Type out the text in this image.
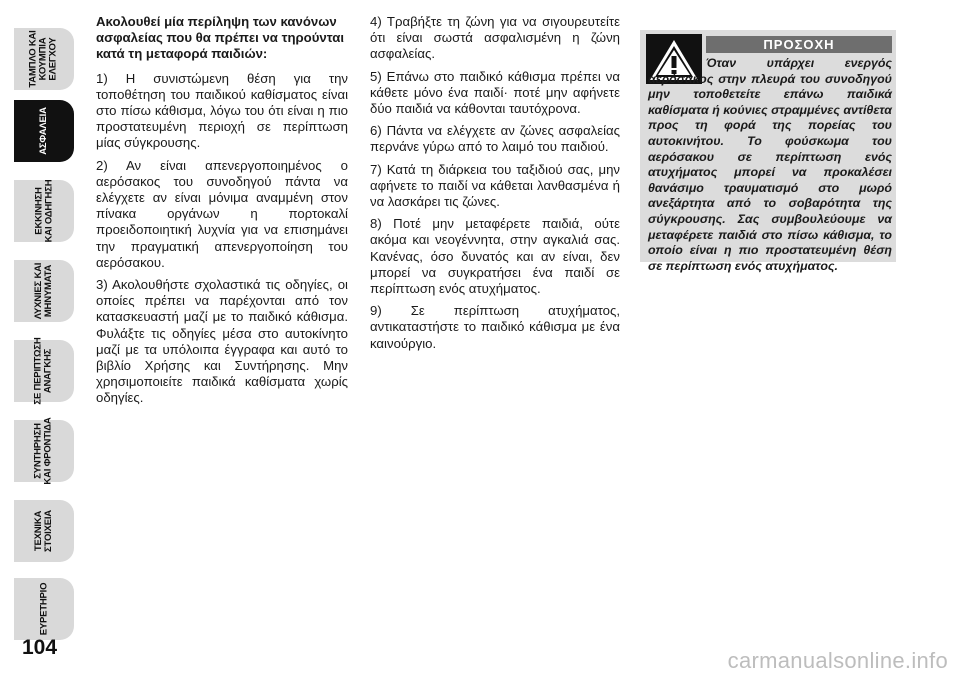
ΤΑΜΠΛΟ ΚΑΙ
ΚΟΥΜΠΙΑ
ΕΛΕΓΧΟΥ
ΑΣΦΑΛΕΙΑ
ΕΚΚΙΝΗΣΗ
ΚΑΙ ΟΔΗΓΗΣΗ
ΛΥΧΝΙΕΣ ΚΑΙ
ΜΗΝΥΜΑΤΑ
ΣΕ ΠΕΡΙΠΤΩΣΗ
ΑΝΑΓΚΗΣ
ΣΥΝΤΗΡΗΣΗ
ΚΑΙ ΦΡΟΝΤΙΔΑ
ΤΕΧΝΙΚΑ
ΣΤΟΙΧΕΙΑ
ΕΥΡΕΤΗΡΙΟ
104

Ακολουθεί μία περίληψη των κανόνων ασφαλείας που θα πρέπει να τηρούνται κατά τη μεταφορά παιδιών:

1) Η συνιστώμενη θέση για την τοποθέτηση του παιδικού καθίσματος είναι στο πίσω κάθισμα, λόγω του ότι είναι η πιο προστατευμένη περιοχή σε περίπτωση μίας σύγκρουσης.

2) Αν είναι απενεργοποιημένος ο αερόσακος του συνοδηγού πάντα να ελέγχετε αν είναι μόνιμα αναμμένη στον πίνακα οργάνων η πορτοκαλί προειδοποιητική λυχνία για να επισημάνει την πραγματική απενεργοποίηση του αερόσακου.

3) Ακολουθήστε σχολαστικά τις οδηγίες, οι οποίες πρέπει να παρέχονται από τον κατασκευαστή μαζί με το παιδικό κάθισμα. Φυλάξτε τις οδηγίες μέσα στο αυτοκίνητο μαζί με τα υπόλοιπα έγγραφα και αυτό το βιβλίο Χρήσης και Συντήρησης. Μην χρησιμοποιείτε παιδικά καθίσματα χωρίς οδηγίες.

4) Τραβήξτε τη ζώνη για να σιγουρευτείτε ότι είναι σωστά ασφαλισμένη η ζώνη ασφαλείας.

5) Επάνω στο παιδικό κάθισμα πρέπει να κάθετε μόνο ένα παιδί· ποτέ μην αφήνετε δύο παιδιά να κάθονται ταυτόχρονα.

6) Πάντα να ελέγχετε αν ζώνες ασφαλείας περνάνε γύρω από το λαιμό του παιδιού.

7) Κατά τη διάρκεια του ταξιδιού σας, μην αφήνετε το παιδί να κάθεται λανθασμένα ή να λασκάρει τις ζώνες.

8) Ποτέ μην μεταφέρετε παιδιά, ούτε ακόμα και νεογέννητα, στην αγκαλιά σας. Κανένας, όσο δυνατός και αν είναι, δεν μπορεί να συγκρατήσει ένα παιδί σε περίπτωση ενός ατυχήματος.

9) Σε περίπτωση ατυχήματος, αντικαταστήστε το παιδικό κάθισμα με ένα καινούργιο.

ΠΡΟΣΟΧΗ

Όταν υπάρχει ενεργός αερόσακος στην πλευρά του συνοδηγού μην τοποθετείτε επάνω παιδικά καθίσματα ή κούνιες στραμμένες αντίθετα προς τη φορά της πορείας του αυτοκινήτου. Το φούσκωμα του αερόσακου σε περίπτωση ενός ατυχήματος μπορεί να προκαλέσει θανάσιμο τραυματισμό στο μωρό ανεξάρτητα από το σοβαρότητα της σύγκρουσης. Σας συμβουλεύουμε να μεταφέρετε παιδιά στο πίσω κάθισμα, το οποίο είναι η πιο προστατευμένη θέση σε περίπτωση ενός ατυχήματος.

carmanualsonline.info
